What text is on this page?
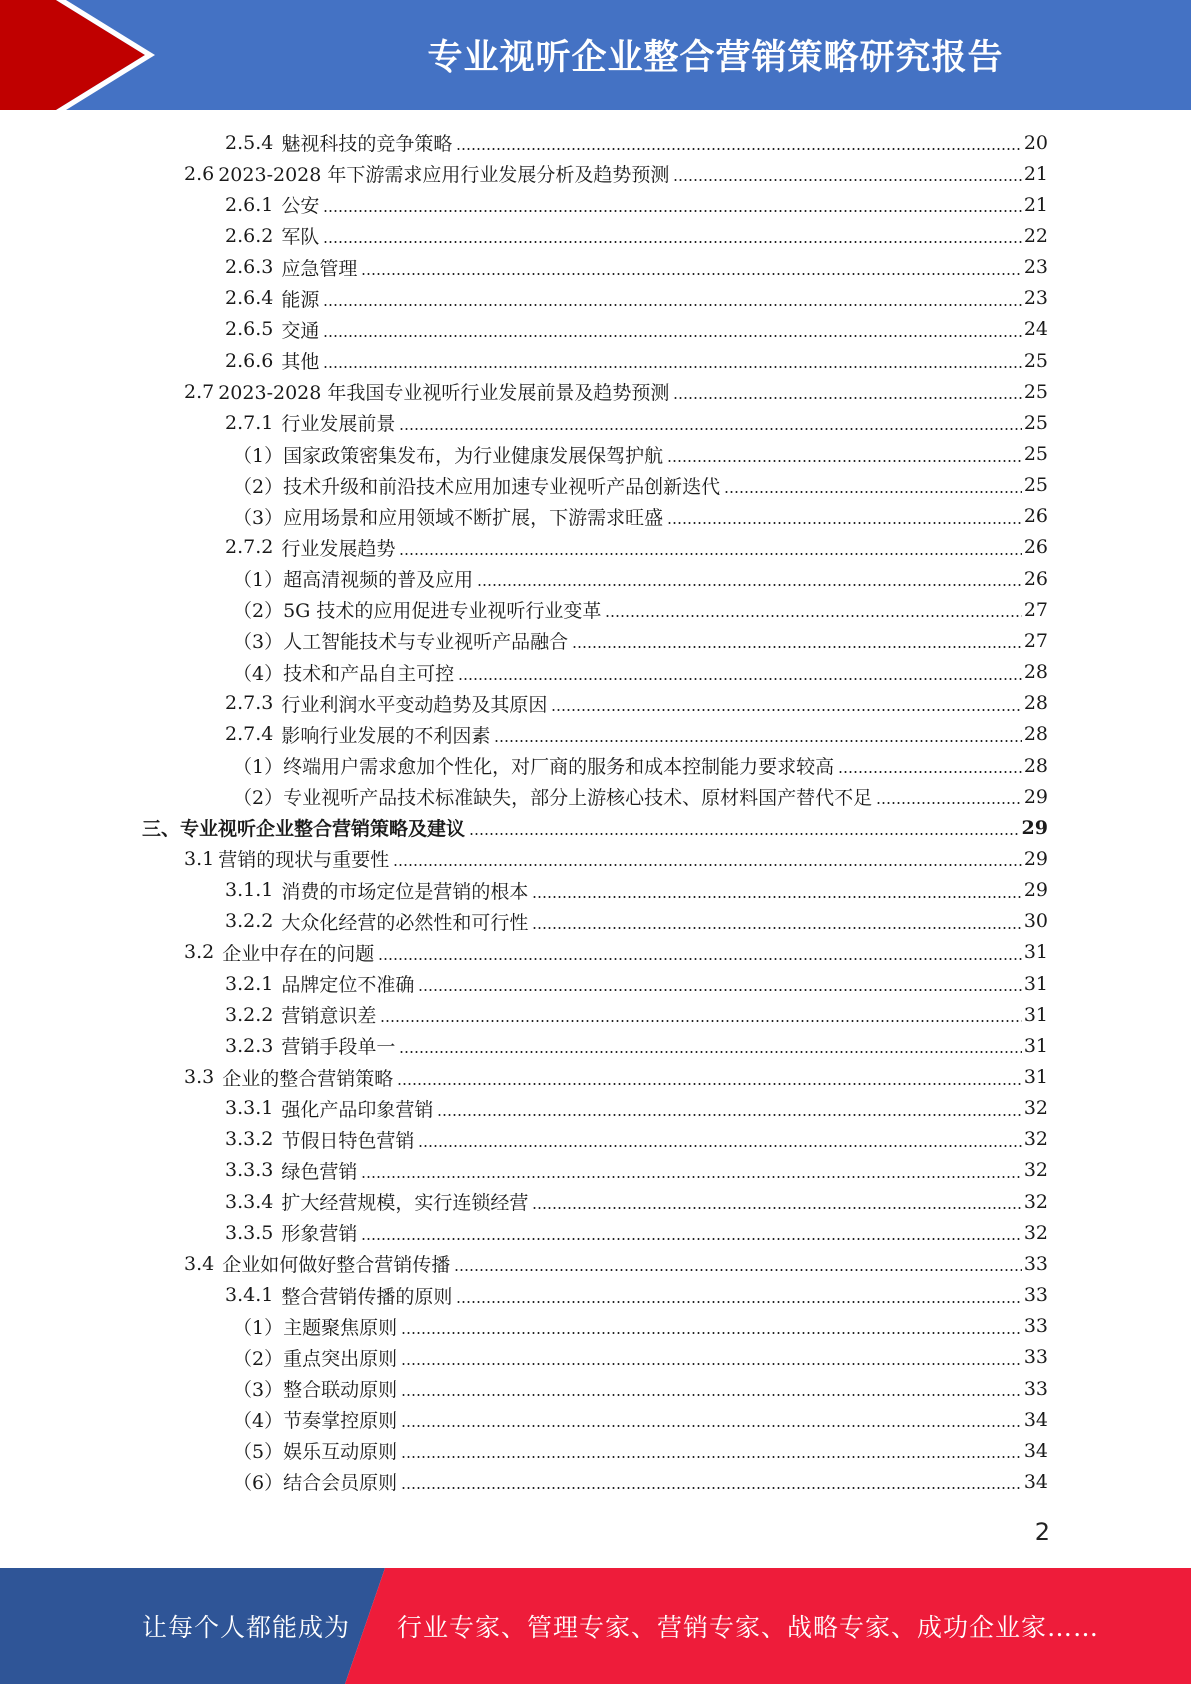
专业视听企业整合营销策略研究报告
2.5.4 魅视科技的竞争策略	20
2.6 2023-2028 年下游需求应用行业发展分析及趋势预测	21
2.6.1 公安	21
2.6.2 军队	22
2.6.3 应急管理	23
2.6.4 能源	23
2.6.5 交通	24
2.6.6 其他	25
2.7 2023-2028 年我国专业视听行业发展前景及趋势预测	25
2.7.1 行业发展前景	25
（1）国家政策密集发布，为行业健康发展保驾护航	25
（2）技术升级和前沿技术应用加速专业视听产品创新迭代	25
（3）应用场景和应用领域不断扩展，下游需求旺盛	26
2.7.2 行业发展趋势	26
（1）超高清视频的普及应用	26
（2）5G 技术的应用促进专业视听行业变革	27
（3）人工智能技术与专业视听产品融合	27
（4）技术和产品自主可控	28
2.7.3 行业利润水平变动趋势及其原因	28
2.7.4 影响行业发展的不利因素	28
（1）终端用户需求愈加个性化，对厂商的服务和成本控制能力要求较高	28
（2）专业视听产品技术标准缺失，部分上游核心技术、原材料国产替代不足	29
三、专业视听企业整合营销策略及建议	29
3.1 营销的现状与重要性	29
3.1.1 消费的市场定位是营销的根本	29
3.2.2 大众化经营的必然性和可行性	30
3.2 企业中存在的问题	31
3.2.1 品牌定位不准确	31
3.2.2 营销意识差	31
3.2.3 营销手段单一	31
3.3 企业的整合营销策略	31
3.3.1 强化产品印象营销	32
3.3.2 节假日特色营销	32
3.3.3 绿色营销	32
3.3.4 扩大经营规模，实行连锁经营	32
3.3.5 形象营销	32
3.4 企业如何做好整合营销传播	33
3.4.1 整合营销传播的原则	33
（1）主题聚焦原则	33
（2）重点突出原则	33
（3）整合联动原则	33
（4）节奏掌控原则	34
（5）娱乐互动原则	34
（6）结合会员原则	34
2
让每个人都能成为 行业专家、管理专家、营销专家、战略专家、成功企业家……
